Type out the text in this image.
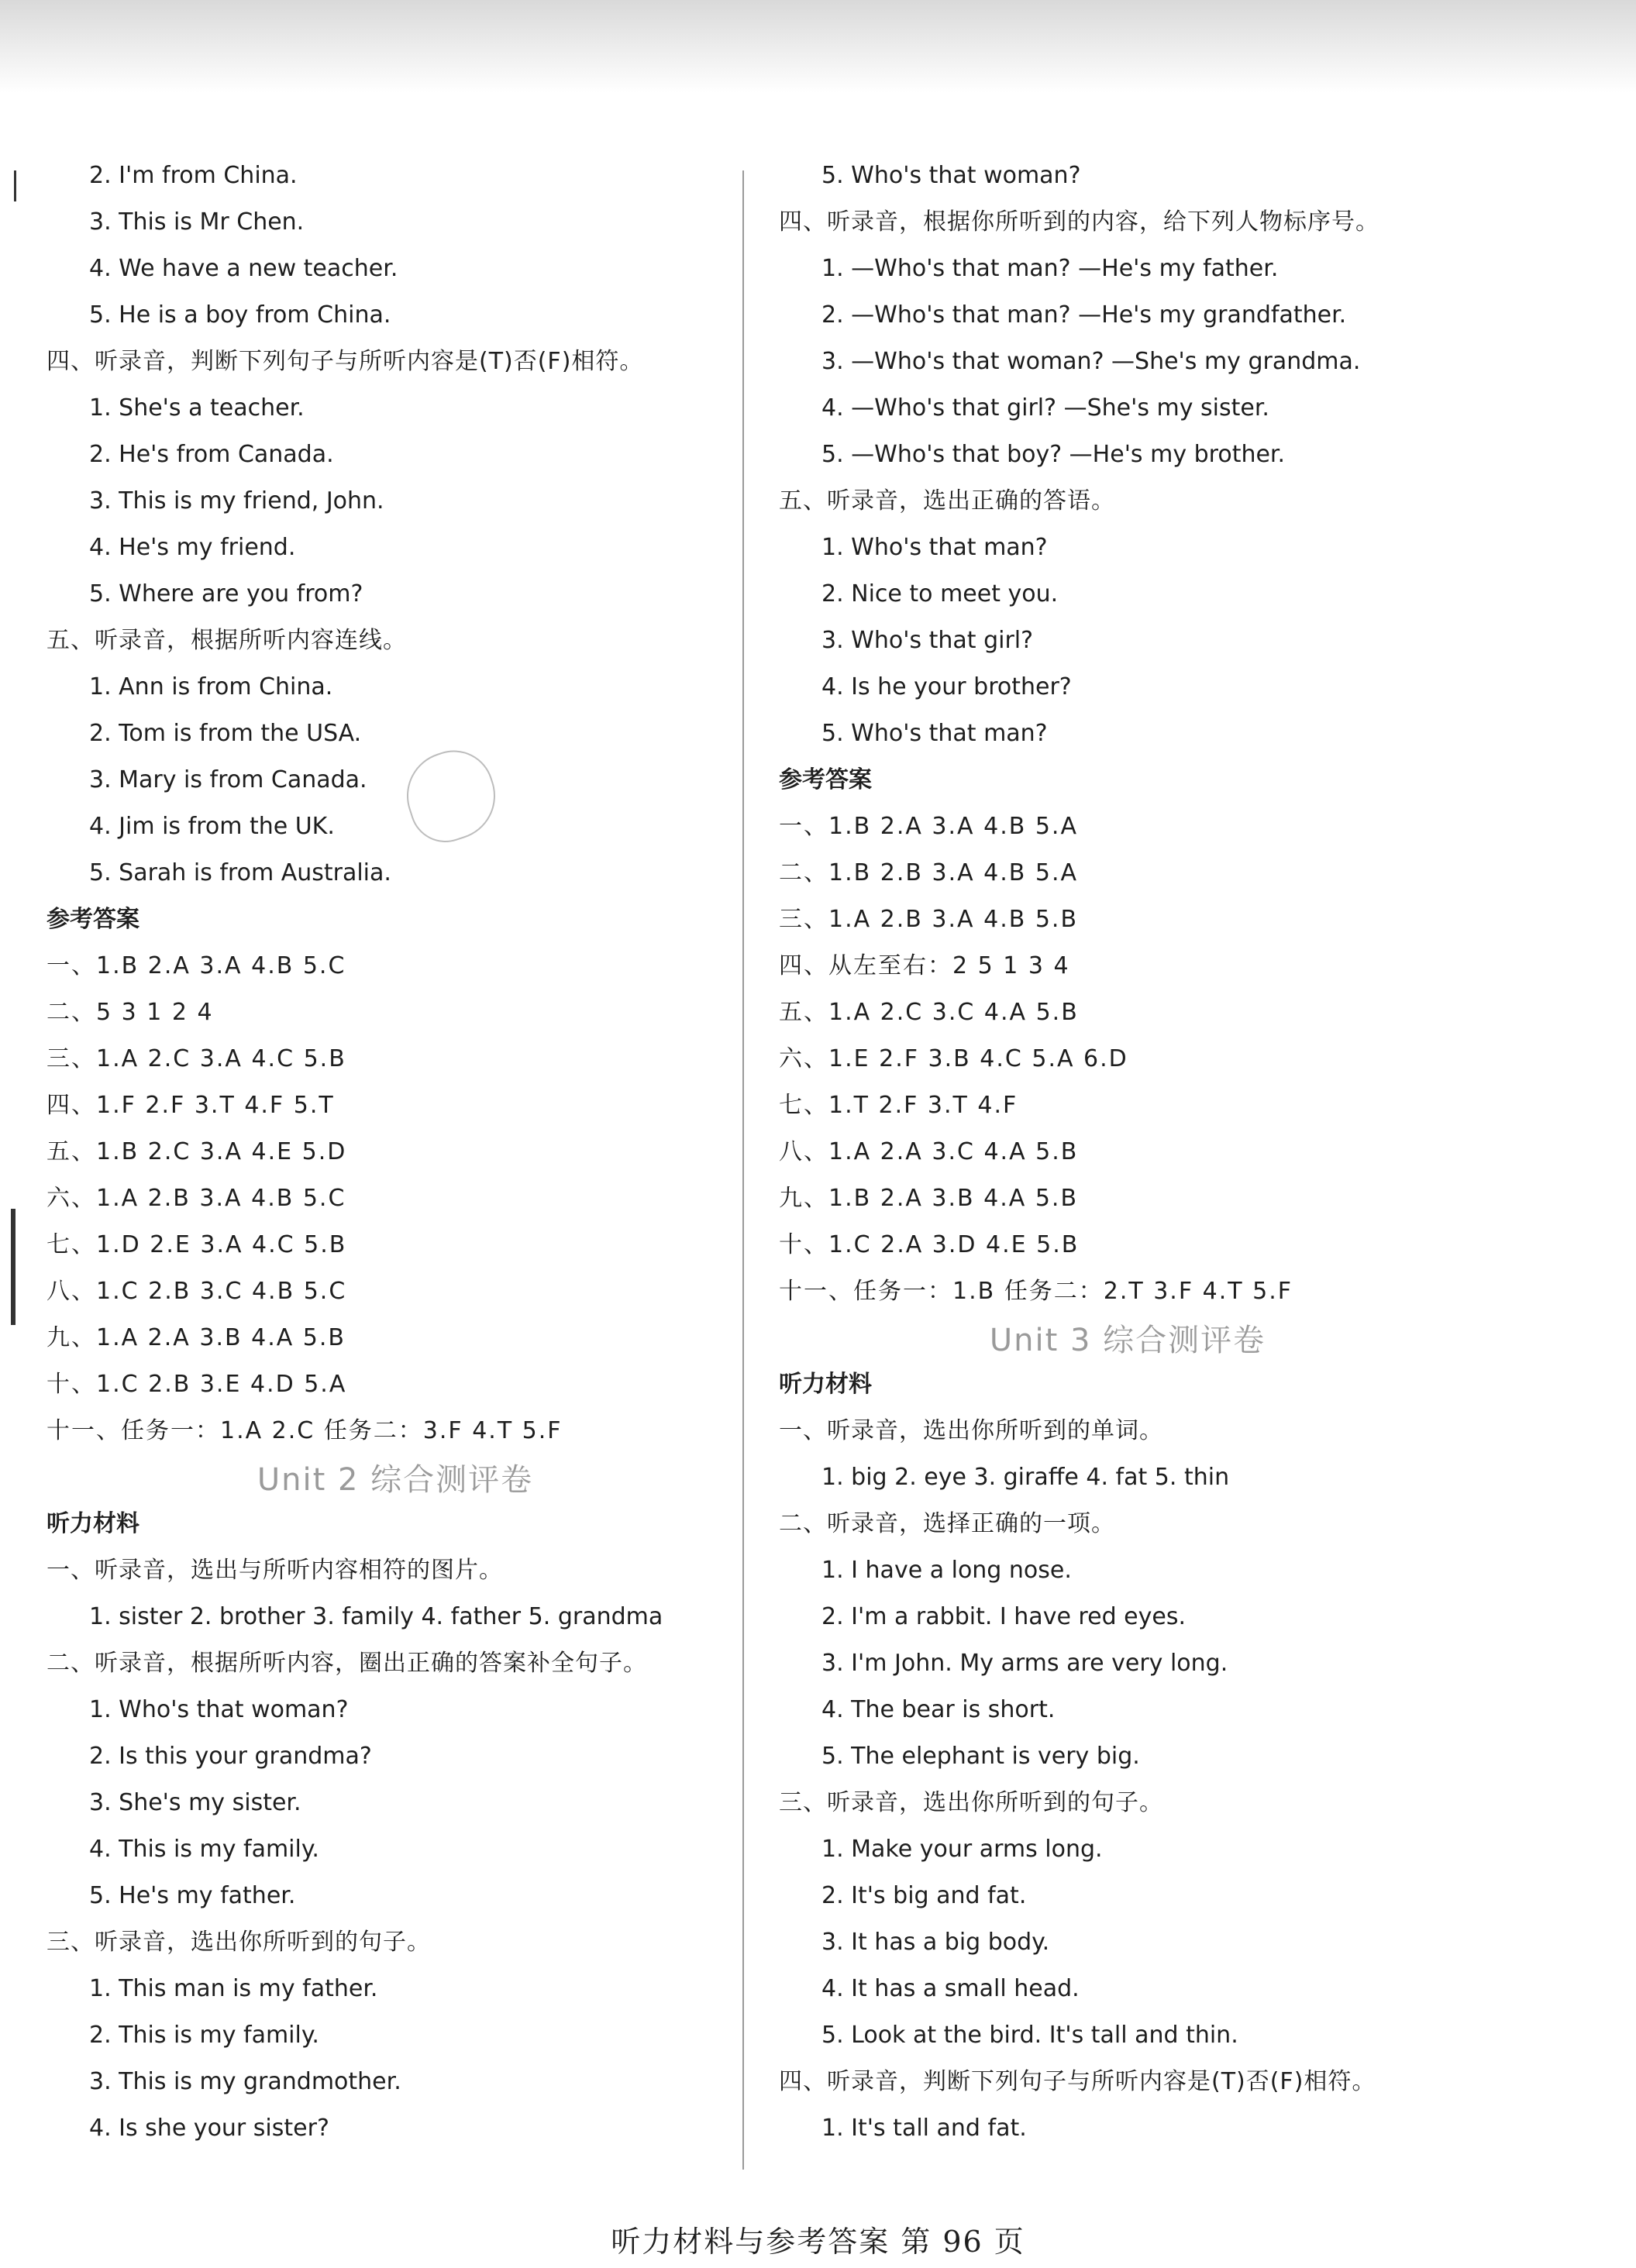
2. I'm from China.
3. This is Mr Chen.
4. We have a new teacher.
5. He is a boy from China.
四、听录音，判断下列句子与所听内容是(T)否(F)相符。
1. She's a teacher.
2. He's from Canada.
3. This is my friend, John.
4. He's my friend.
5. Where are you from?
五、听录音，根据所听内容连线。
1. Ann is from China.
2. Tom is from the USA.
3. Mary is from Canada.
4. Jim is from the UK.
5. Sarah is from Australia.
参考答案
一、1.B 2.A 3.A 4.B 5.C
二、5 3 1 2 4
三、1.A 2.C 3.A 4.C 5.B
四、1.F 2.F 3.T 4.F 5.T
五、1.B 2.C 3.A 4.E 5.D
六、1.A 2.B 3.A 4.B 5.C
七、1.D 2.E 3.A 4.C 5.B
八、1.C 2.B 3.C 4.B 5.C
九、1.A 2.A 3.B 4.A 5.B
十、1.C 2.B 3.E 4.D 5.A
十一、任务一：1.A 2.C 任务二：3.F 4.T 5.F
Unit 2 综合测评卷
听力材料
一、听录音，选出与所听内容相符的图片。
1. sister 2. brother 3. family 4. father 5. grandma
二、听录音，根据所听内容，圈出正确的答案补全句子。
1. Who's that woman?
2. Is this your grandma?
3. She's my sister.
4. This is my family.
5. He's my father.
三、听录音，选出你所听到的句子。
1. This man is my father.
2. This is my family.
3. This is my grandmother.
4. Is she your sister?
5. Who's that woman?
四、听录音，根据你所听到的内容，给下列人物标序号。
1. —Who's that man? —He's my father.
2. —Who's that man? —He's my grandfather.
3. —Who's that woman? —She's my grandma.
4. —Who's that girl? —She's my sister.
5. —Who's that boy? —He's my brother.
五、听录音，选出正确的答语。
1. Who's that man?
2. Nice to meet you.
3. Who's that girl?
4. Is he your brother?
5. Who's that man?
参考答案
一、1.B 2.A 3.A 4.B 5.A
二、1.B 2.B 3.A 4.B 5.A
三、1.A 2.B 3.A 4.B 5.B
四、从左至右：2 5 1 3 4
五、1.A 2.C 3.C 4.A 5.B
六、1.E 2.F 3.B 4.C 5.A 6.D
七、1.T 2.F 3.T 4.F
八、1.A 2.A 3.C 4.A 5.B
九、1.B 2.A 3.B 4.A 5.B
十、1.C 2.A 3.D 4.E 5.B
十一、任务一：1.B 任务二：2.T 3.F 4.T 5.F
Unit 3 综合测评卷
听力材料
一、听录音，选出你所听到的单词。
1. big 2. eye 3. giraffe 4. fat 5. thin
二、听录音，选择正确的一项。
1. I have a long nose.
2. I'm a rabbit. I have red eyes.
3. I'm John. My arms are very long.
4. The bear is short.
5. The elephant is very big.
三、听录音，选出你所听到的句子。
1. Make your arms long.
2. It's big and fat.
3. It has a big body.
4. It has a small head.
5. Look at the bird. It's tall and thin.
四、听录音，判断下列句子与所听内容是(T)否(F)相符。
1. It's tall and fat.
听力材料与参考答案 第 96 页
